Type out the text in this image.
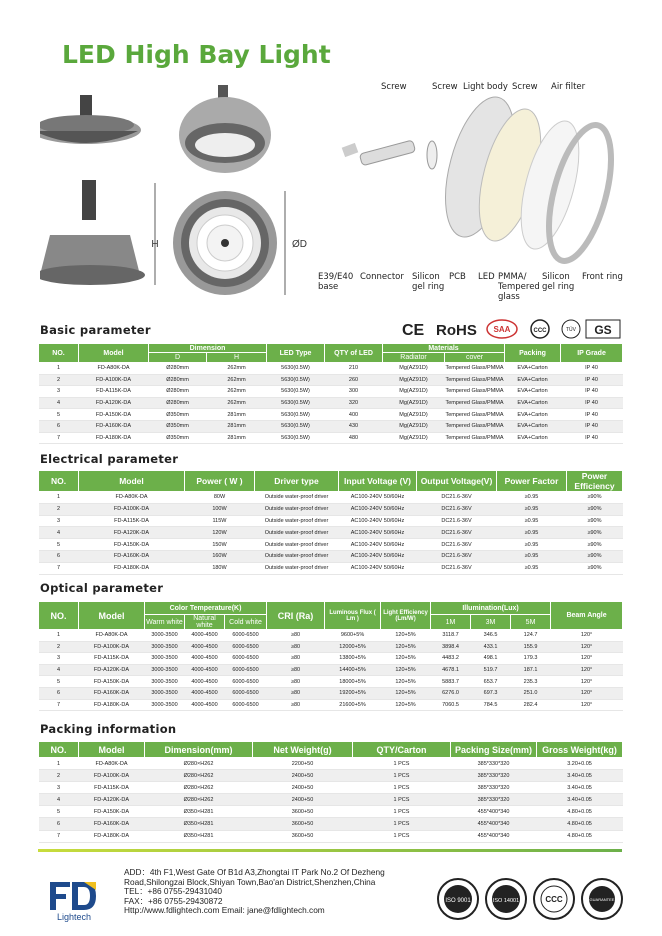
LED High Bay Light
H	ØD
Screw	Screw Light body Screw Air filter
E39/E40 base
Connector Silicon gel ring
PCB LED PMMA/ Tempered glass
Silicon gel ring
Front ring
CE RoHS SAA	CCC	TÜV GS
Basic parameter
NO.	Model	Dimension		LED Type	QTY of LED	Materials		Packing	IP Grade
		D	H			Radiator	cover		
1	FD-A80K-DA	Ø280mm	262mm	5630(0.5W)	210	Mg(AZ91D)	Tempered Glass/PMMA	EVA+Carton	IP 40
2	FD-A100K-DA	Ø280mm	262mm	5630(0.5W)	260	Mg(AZ91D)	Tempered Glass/PMMA	EVA+Carton	IP 40
3	FD-A115K-DA	Ø280mm	262mm	5630(0.5W)	300	Mg(AZ91D)	Tempered Glass/PMMA	EVA+Carton	IP 40
4	FD-A120K-DA	Ø280mm	262mm	5630(0.5W)	320	Mg(AZ91D)	Tempered Glass/PMMA	EVA+Carton	IP 40
5	FD-A150K-DA	Ø350mm	281mm	5630(0.5W)	400	Mg(AZ91D)	Tempered Glass/PMMA	EVA+Carton	IP 40
6	FD-A160K-DA	Ø350mm	281mm	5630(0.5W)	430	Mg(AZ91D)	Tempered Glass/PMMA	EVA+Carton	IP 40
7	FD-A180K-DA	Ø350mm	281mm	5630(0.5W)	480	Mg(AZ91D)	Tempered Glass/PMMA	EVA+Carton	IP 40
Electrical parameter
NO.	Model	Power ( W )	Driver type	Input Voltage (V)	Output Voltage(V)	Power Factor	Power Efficiency
1	FD-A80K-DA	80W	Outside water-proof driver	AC100-240V 50/60Hz	DC21.6-36V	≥0.95	≥90%
2	FD-A100K-DA	100W	Outside water-proof driver	AC100-240V 50/60Hz	DC21.6-36V	≥0.95	≥90%
3	FD-A115K-DA	115W	Outside water-proof driver	AC100-240V 50/60Hz	DC21.6-36V	≥0.95	≥90%
4	FD-A120K-DA	120W	Outside water-proof driver	AC100-240V 50/60Hz	DC21.6-36V	≥0.95	≥90%
5	FD-A150K-DA	150W	Outside water-proof driver	AC100-240V 50/60Hz	DC21.6-36V	≥0.95	≥90%
6	FD-A160K-DA	160W	Outside water-proof driver	AC100-240V 50/60Hz	DC21.6-36V	≥0.95	≥90%
7	FD-A180K-DA	180W	Outside water-proof driver	AC100-240V 50/60Hz	DC21.6-36V	≥0.95	≥90%
Optical parameter
NO.	Model	Color Temperature(K)			CRI (Ra)	Luminous Flux ( Lm )	Light Efficiency (Lm/W)	Illumination(Lux)			Beam Angle
		Warm white	Natural white	Cold white				1M	3M	5M	
1	FD-A80K-DA	3000-3500	4000-4500	6000-6500	≥80	9600+5%	120+5%	3118.7	346.5	124.7	120°
2	FD-A100K-DA	3000-3500	4000-4500	6000-6500	≥80	12000+5%	120+5%	3898.4	433.1	155.9	120°
3	FD-A115K-DA	3000-3500	4000-4500	6000-6500	≥80	13800+5%	120+5%	4483.2	498.1	179.3	120°
4	FD-A120K-DA	3000-3500	4000-4500	6000-6500	≥80	14400+5%	120+5%	4678.1	519.7	187.1	120°
5	FD-A150K-DA	3000-3500	4000-4500	6000-6500	≥80	18000+5%	120+5%	5883.7	653.7	235.3	120°
6	FD-A160K-DA	3000-3500	4000-4500	6000-6500	≥80	19200+5%	120+5%	6276.0	697.3	251.0	120°
7	FD-A180K-DA	3000-3500	4000-4500	6000-6500	≥80	21600+5%	120+5%	7060.5	784.5	282.4	120°
Packing information
NO.	Model	Dimension(mm)	Net Weight(g)	QTY/Carton	Packing Size(mm)	Gross Weight(kg)
1	FD-A80K-DA	Ø280×H262	2200+50	1 PCS	385*330*320	3.20+0.05
2	FD-A100K-DA	Ø280×H262	2400+50	1 PCS	385*330*320	3.40+0.05
3	FD-A115K-DA	Ø280×H262	2400+50	1 PCS	385*330*320	3.40+0.05
4	FD-A120K-DA	Ø280×H262	2400+50	1 PCS	385*330*320	3.40+0.05
5	FD-A150K-DA	Ø350×H281	3600+50	1 PCS	455*400*340	4.80+0.05
6	FD-A160K-DA	Ø350×H281	3600+50	1 PCS	455*400*340	4.80+0.05
7	FD-A180K-DA	Ø350×H281	3600+50	1 PCS	455*400*340	4.80+0.05
Lightech
ADD：4th F1,West Gate Of B1d A3,Zhongtai IT Park No.2 Of Dezheng
Road,Shilongzai Block,Shiyan Town,Bao'an District,Shenzhen,China
TEL：+86 0755-29431040
FAX：+86 0755-29430872
Http://www.fdlightech.com Email: jane@fdlightech.com
ISO 9001	ISO 14001	CCC	GUARANTEE
